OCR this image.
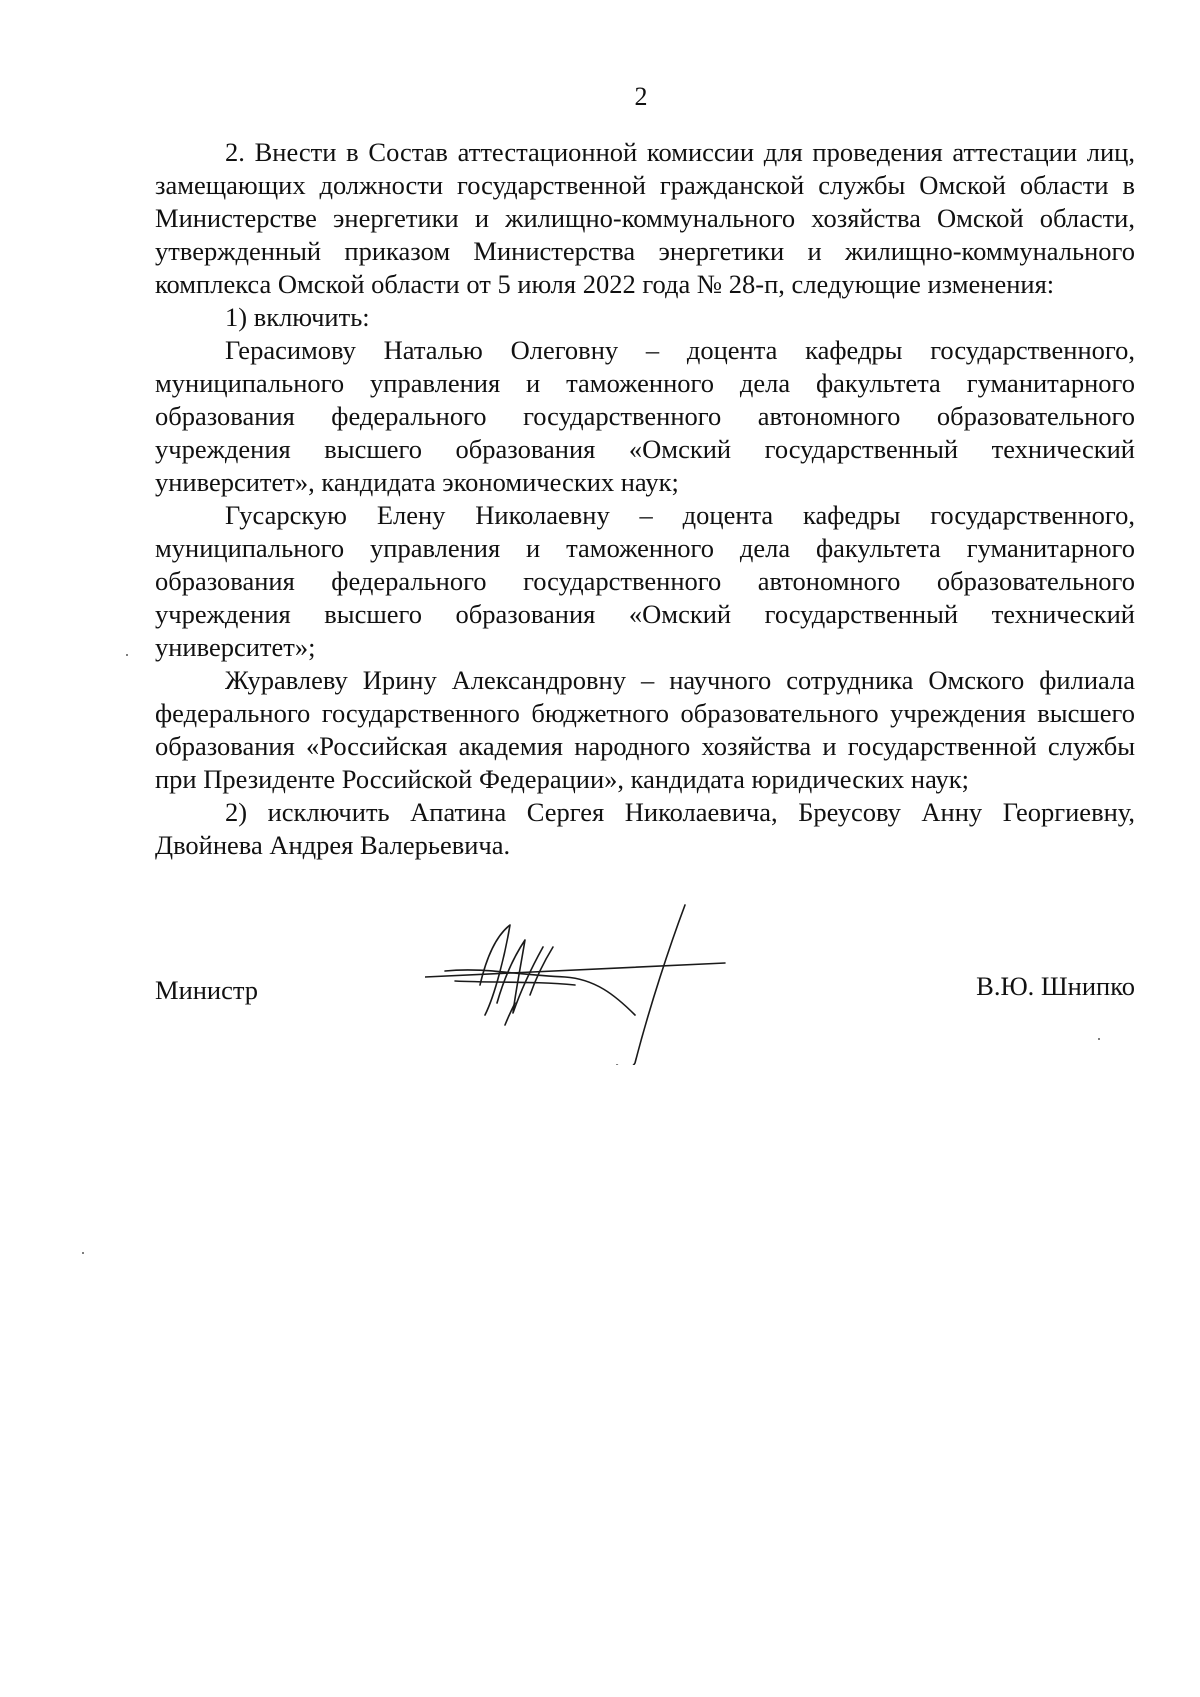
2

2. Внести в Состав аттестационной комиссии для проведения аттестации лиц, замещающих должности государственной гражданской службы Омской области в Министерстве энергетики и жилищно-коммунального хозяйства Омской области, утвержденный приказом Министерства энергетики и жилищно-коммунального комплекса Омской области от 5 июля 2022 года № 28-п, следующие изменения:

1) включить:

Герасимову Наталью Олеговну – доцента кафедры государственного, муниципального управления и таможенного дела факультета гуманитарного образования федерального государственного автономного образовательного учреждения высшего образования «Омский государственный технический университет», кандидата экономических наук;

Гусарскую Елену Николаевну – доцента кафедры государственного, муниципального управления и таможенного дела факультета гуманитарного образования федерального государственного автономного образовательного учреждения высшего образования «Омский государственный технический университет»;

Журавлеву Ирину Александровну – научного сотрудника Омского филиала федерального государственного бюджетного образовательного учреждения высшего образования «Российская академия народного хозяйства и государственной службы при Президенте Российской Федерации», кандидата юридических наук;

2) исключить Апатина Сергея Николаевича, Бреусову Анну Георгиевну, Двойнева Андрея Валерьевича.

Министр	В.Ю. Шнипко
